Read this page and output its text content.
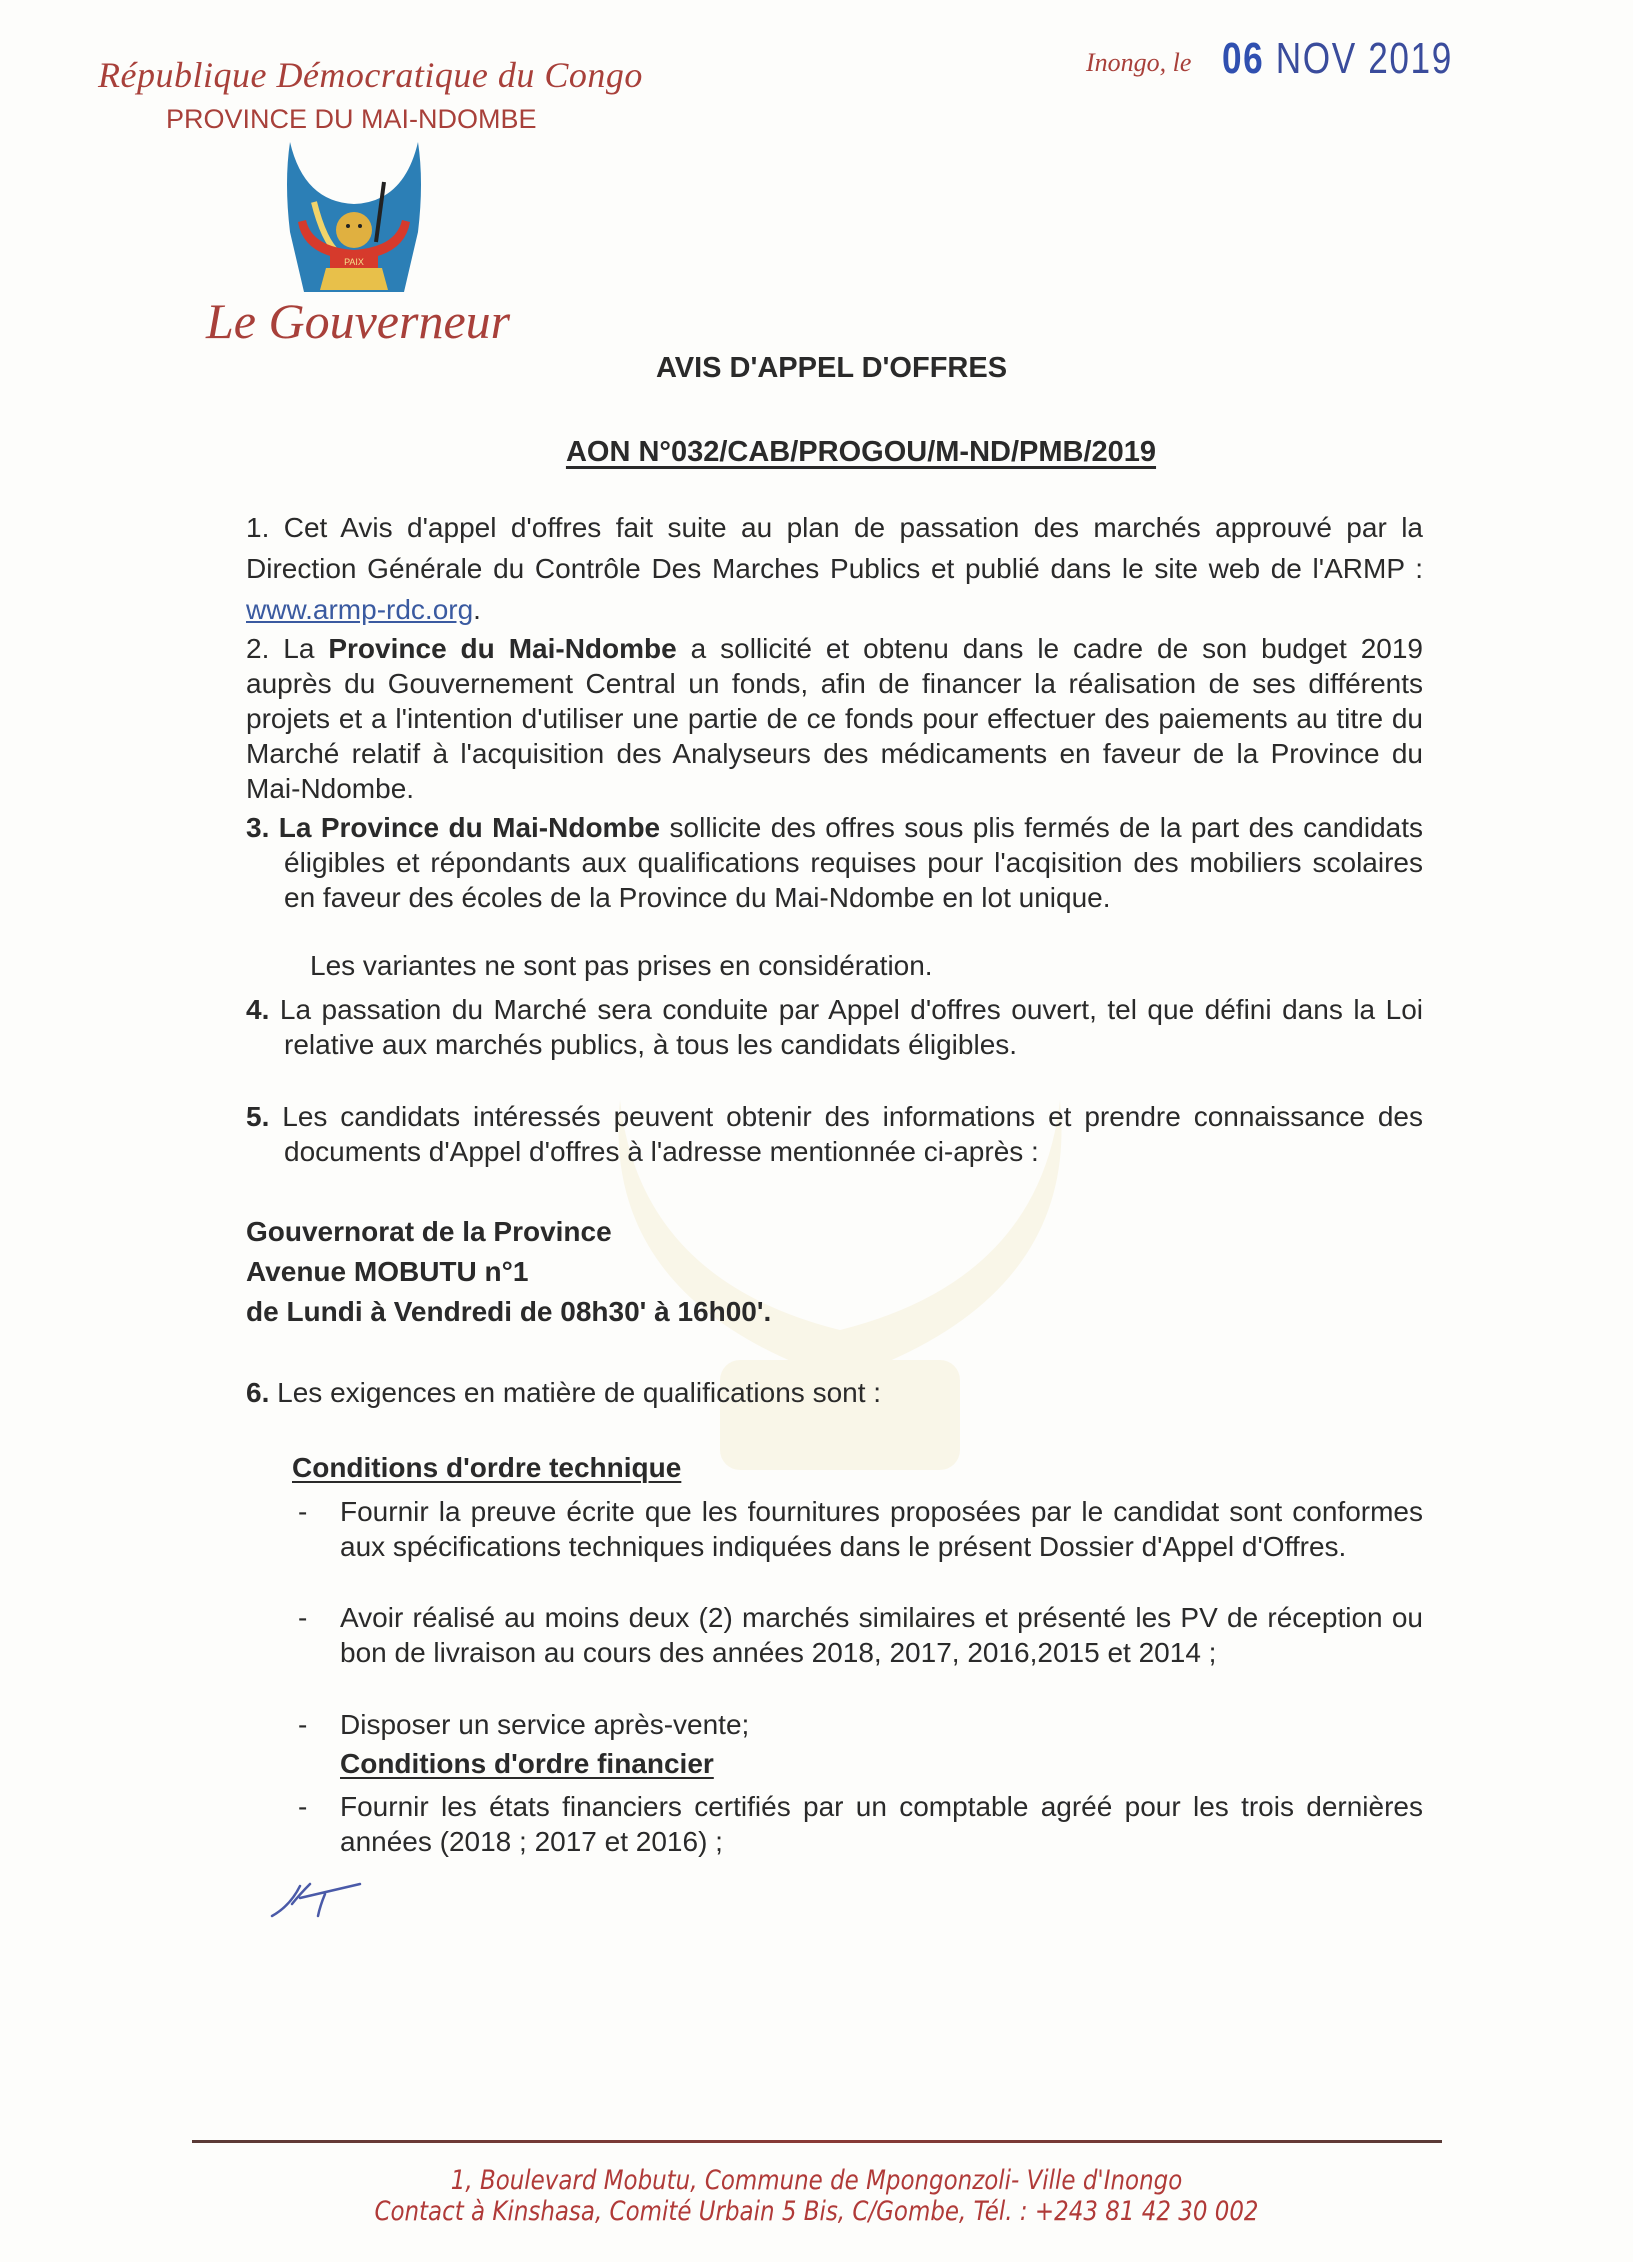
République Démocratique du Congo
PROVINCE DU MAI-NDOMBE
PAIX
Le Gouverneur
Inongo, le 06 NOV 2019
AVIS D'APPEL D'OFFRES
AON N°032/CAB/PROGOU/M-ND/PMB/2019
1. Cet Avis d'appel d'offres fait suite au plan de passation des marchés approuvé par la Direction Générale du Contrôle Des Marches Publics et publié dans le site web de l'ARMP : www.armp-rdc.org.
2. La Province du Mai-Ndombe a sollicité et obtenu dans le cadre de son budget 2019 auprès du Gouvernement Central un fonds, afin de financer la réalisation de ses différents projets et a l'intention d'utiliser une partie de ce fonds pour effectuer des paiements au titre du Marché relatif à l'acquisition des Analyseurs des médicaments en faveur de la Province du Mai-Ndombe.
3. La Province du Mai-Ndombe sollicite des offres sous plis fermés de la part des candidats éligibles et répondants aux qualifications requises pour l'acqisition des mobiliers scolaires en faveur des écoles de la Province du Mai-Ndombe en lot unique.
Les variantes ne sont pas prises en considération.
4. La passation du Marché sera conduite par Appel d'offres ouvert, tel que défini dans la Loi relative aux marchés publics, à tous les candidats éligibles.
5. Les candidats intéressés peuvent obtenir des informations et prendre connaissance des documents d'Appel d'offres à l'adresse mentionnée ci-après :
Gouvernorat de la Province
Avenue MOBUTU n°1
de Lundi à Vendredi de 08h30' à 16h00'.
6. Les exigences en matière de qualifications sont :
Conditions d'ordre technique
- Fournir la preuve écrite que les fournitures proposées par le candidat sont conformes aux spécifications techniques indiquées dans le présent Dossier d'Appel d'Offres.
- Avoir réalisé au moins deux (2) marchés similaires et présenté les PV de réception ou bon de livraison au cours des années 2018, 2017, 2016,2015 et 2014 ;
- Disposer un service après-vente;
Conditions d'ordre financier
- Fournir les états financiers certifiés par un comptable agréé pour les trois dernières années (2018 ; 2017 et 2016) ;
1, Boulevard Mobutu, Commune de Mpongonzoli- Ville d'Inongo
Contact à Kinshasa, Comité Urbain 5 Bis, C/Gombe, Tél. : +243 81 42 30 002
